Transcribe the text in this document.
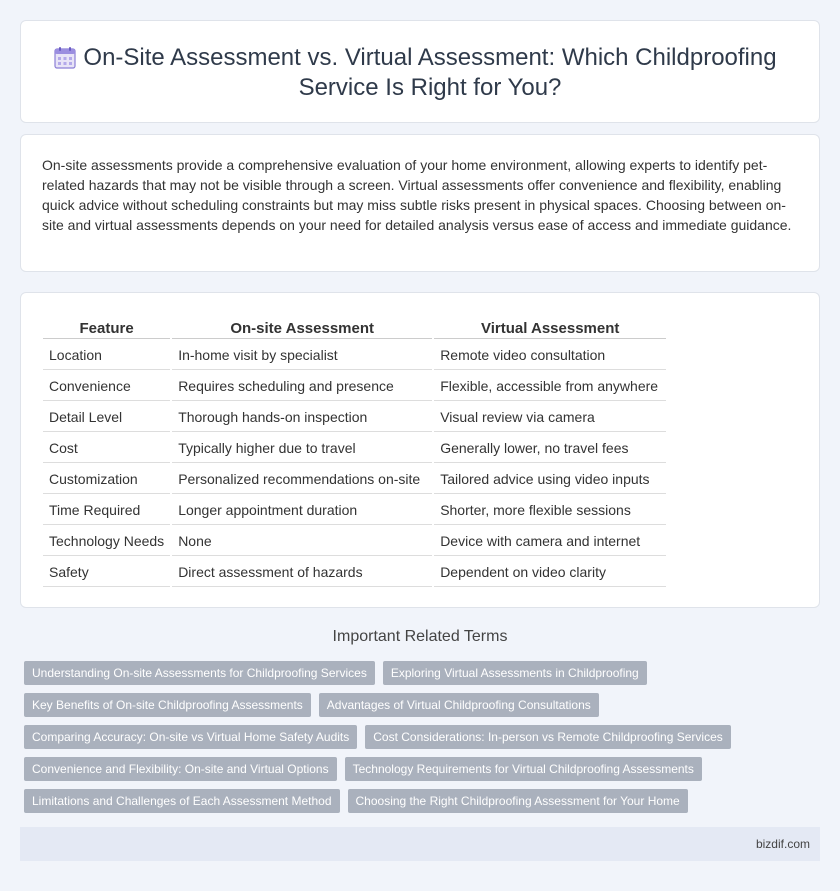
On-Site Assessment vs. Virtual Assessment: Which Childproofing Service Is Right for You?

On-site assessments provide a comprehensive evaluation of your home environment, allowing experts to identify pet-related hazards that may not be visible through a screen. Virtual assessments offer convenience and flexibility, enabling quick advice without scheduling constraints but may miss subtle risks present in physical spaces. Choosing between on-site and virtual assessments depends on your need for detailed analysis versus ease of access and immediate guidance.

Feature	On-site Assessment	Virtual Assessment
Location	In-home visit by specialist	Remote video consultation
Convenience	Requires scheduling and presence	Flexible, accessible from anywhere
Detail Level	Thorough hands-on inspection	Visual review via camera
Cost	Typically higher due to travel	Generally lower, no travel fees
Customization	Personalized recommendations on-site	Tailored advice using video inputs
Time Required	Longer appointment duration	Shorter, more flexible sessions
Technology Needs	None	Device with camera and internet
Safety	Direct assessment of hazards	Dependent on video clarity
Important Related Terms
Understanding On-site Assessments for Childproofing Services	Exploring Virtual Assessments in Childproofing
Key Benefits of On-site Childproofing Assessments	Advantages of Virtual Childproofing Consultations
Comparing Accuracy: On-site vs Virtual Home Safety Audits	Cost Considerations: In-person vs Remote Childproofing Services
Convenience and Flexibility: On-site and Virtual Options	Technology Requirements for Virtual Childproofing Assessments
Limitations and Challenges of Each Assessment Method	Choosing the Right Childproofing Assessment for Your Home
bizdif.com
